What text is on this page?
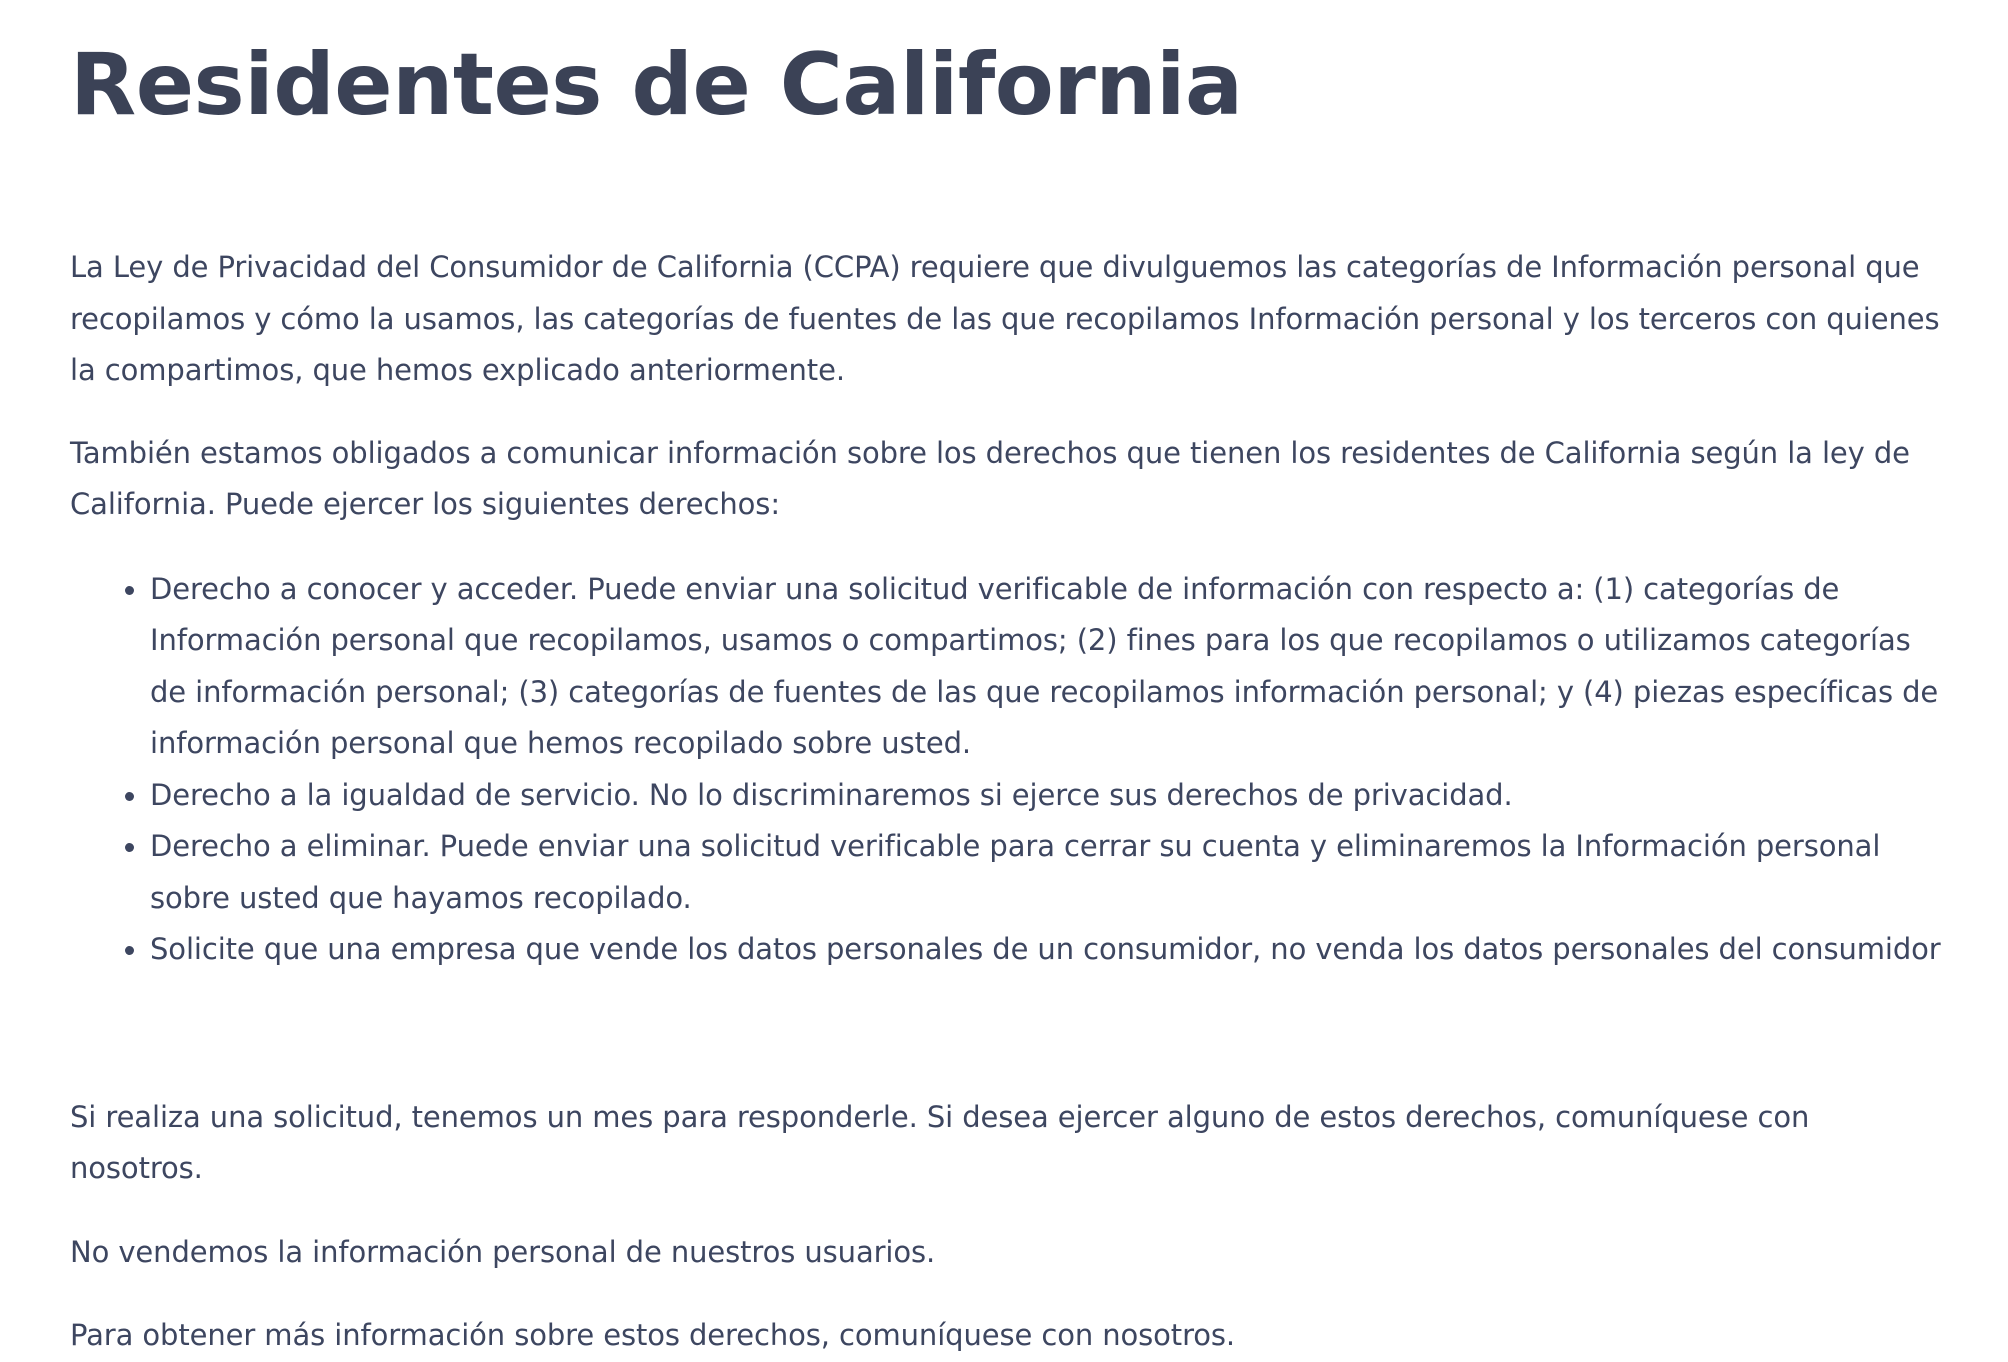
Residentes de California

La Ley de Privacidad del Consumidor de California (CCPA) requiere que divulguemos las categorías de Información personal que recopilamos y cómo la usamos, las categorías de fuentes de las que recopilamos Información personal y los terceros con quienes la compartimos, que hemos explicado anteriormente.

También estamos obligados a comunicar información sobre los derechos que tienen los residentes de California según la ley de California. Puede ejercer los siguientes derechos:

Derecho a conocer y acceder. Puede enviar una solicitud verificable de información con respecto a: (1) categorías de Información personal que recopilamos, usamos o compartimos; (2) fines para los que recopilamos o utilizamos categorías de información personal; (3) categorías de fuentes de las que recopilamos información personal; y (4) piezas específicas de información personal que hemos recopilado sobre usted.
Derecho a la igualdad de servicio. No lo discriminaremos si ejerce sus derechos de privacidad.
Derecho a eliminar. Puede enviar una solicitud verificable para cerrar su cuenta y eliminaremos la Información personal sobre usted que hayamos recopilado.
Solicite que una empresa que vende los datos personales de un consumidor, no venda los datos personales del consumidor

Si realiza una solicitud, tenemos un mes para responderle. Si desea ejercer alguno de estos derechos, comuníquese con nosotros.

No vendemos la información personal de nuestros usuarios.

Para obtener más información sobre estos derechos, comuníquese con nosotros.
